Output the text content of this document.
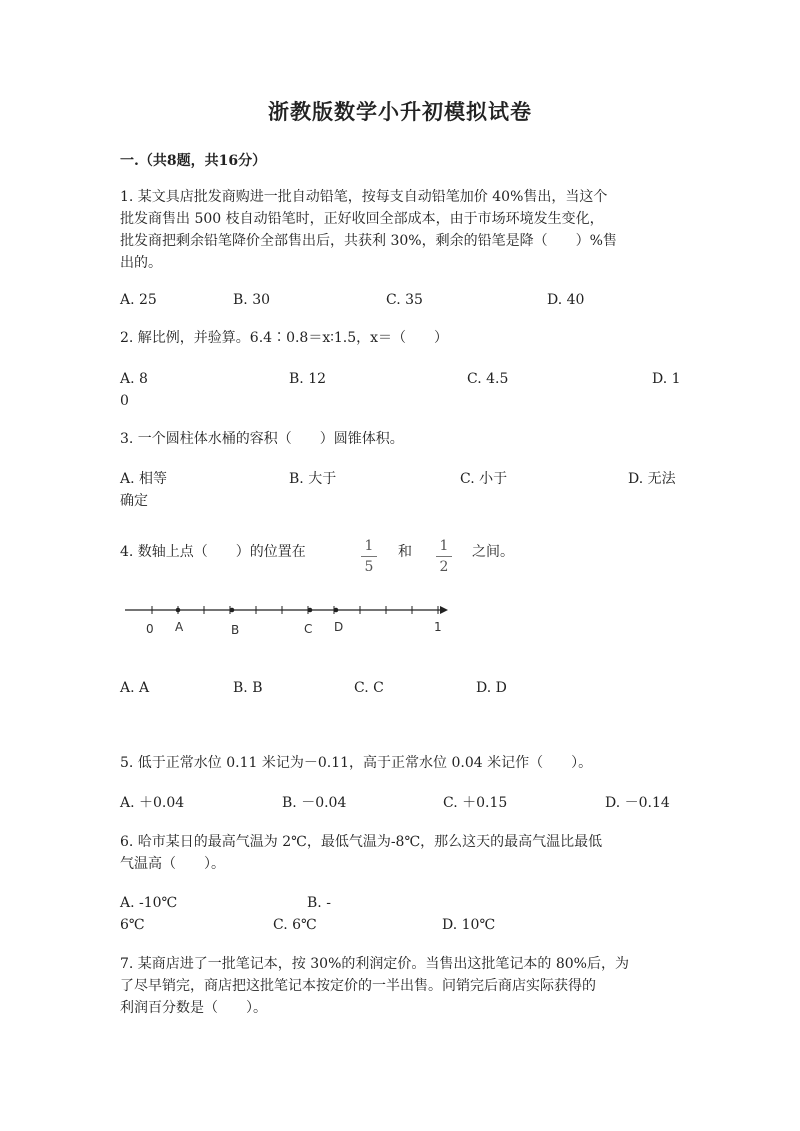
浙教版数学小升初模拟试卷
一.（共8题，共16分）
1. 某文具店批发商购进一批自动铅笔，按每支自动铅笔加价 40%售出，当这个
批发商售出 500 枝自动铅笔时，正好收回全部成本，由于市场环境发生变化，
批发商把剩余铅笔降价全部售出后，共获利 30%，剩余的铅笔是降（　　）%售
出的。
A. 25	B. 30	C. 35	D. 40
2. 解比例，并验算。6.4∶0.8＝x∶1.5，x＝（　　）
A. 8	B. 12	C. 4.5	D. 1
0
3. 一个圆柱体水桶的容积（　　）圆锥体积。
A. 相等	B. 大于	C. 小于	D. 无法
确定
4. 数轴上点（　　）的位置在	1
5
和 1
2
之间。
0 A	B	C D	1
A. A	B. B	C. C	D. D
5. 低于正常水位 0.11 米记为－0.11，高于正常水位 0.04 米记作（　　）。
A. ＋0.04	B. －0.04	C. ＋0.15	D. －0.14
6. 哈市某日的最高气温为 2℃，最低气温为-8℃，那么这天的最高气温比最低
气温高（　　）。
A. -10℃	B. -
6℃	C. 6℃	D. 10℃
7. 某商店进了一批笔记本，按 30%的利润定价。当售出这批笔记本的 80%后，为
了尽早销完，商店把这批笔记本按定价的一半出售。问销完后商店实际获得的
利润百分数是（　　）。
